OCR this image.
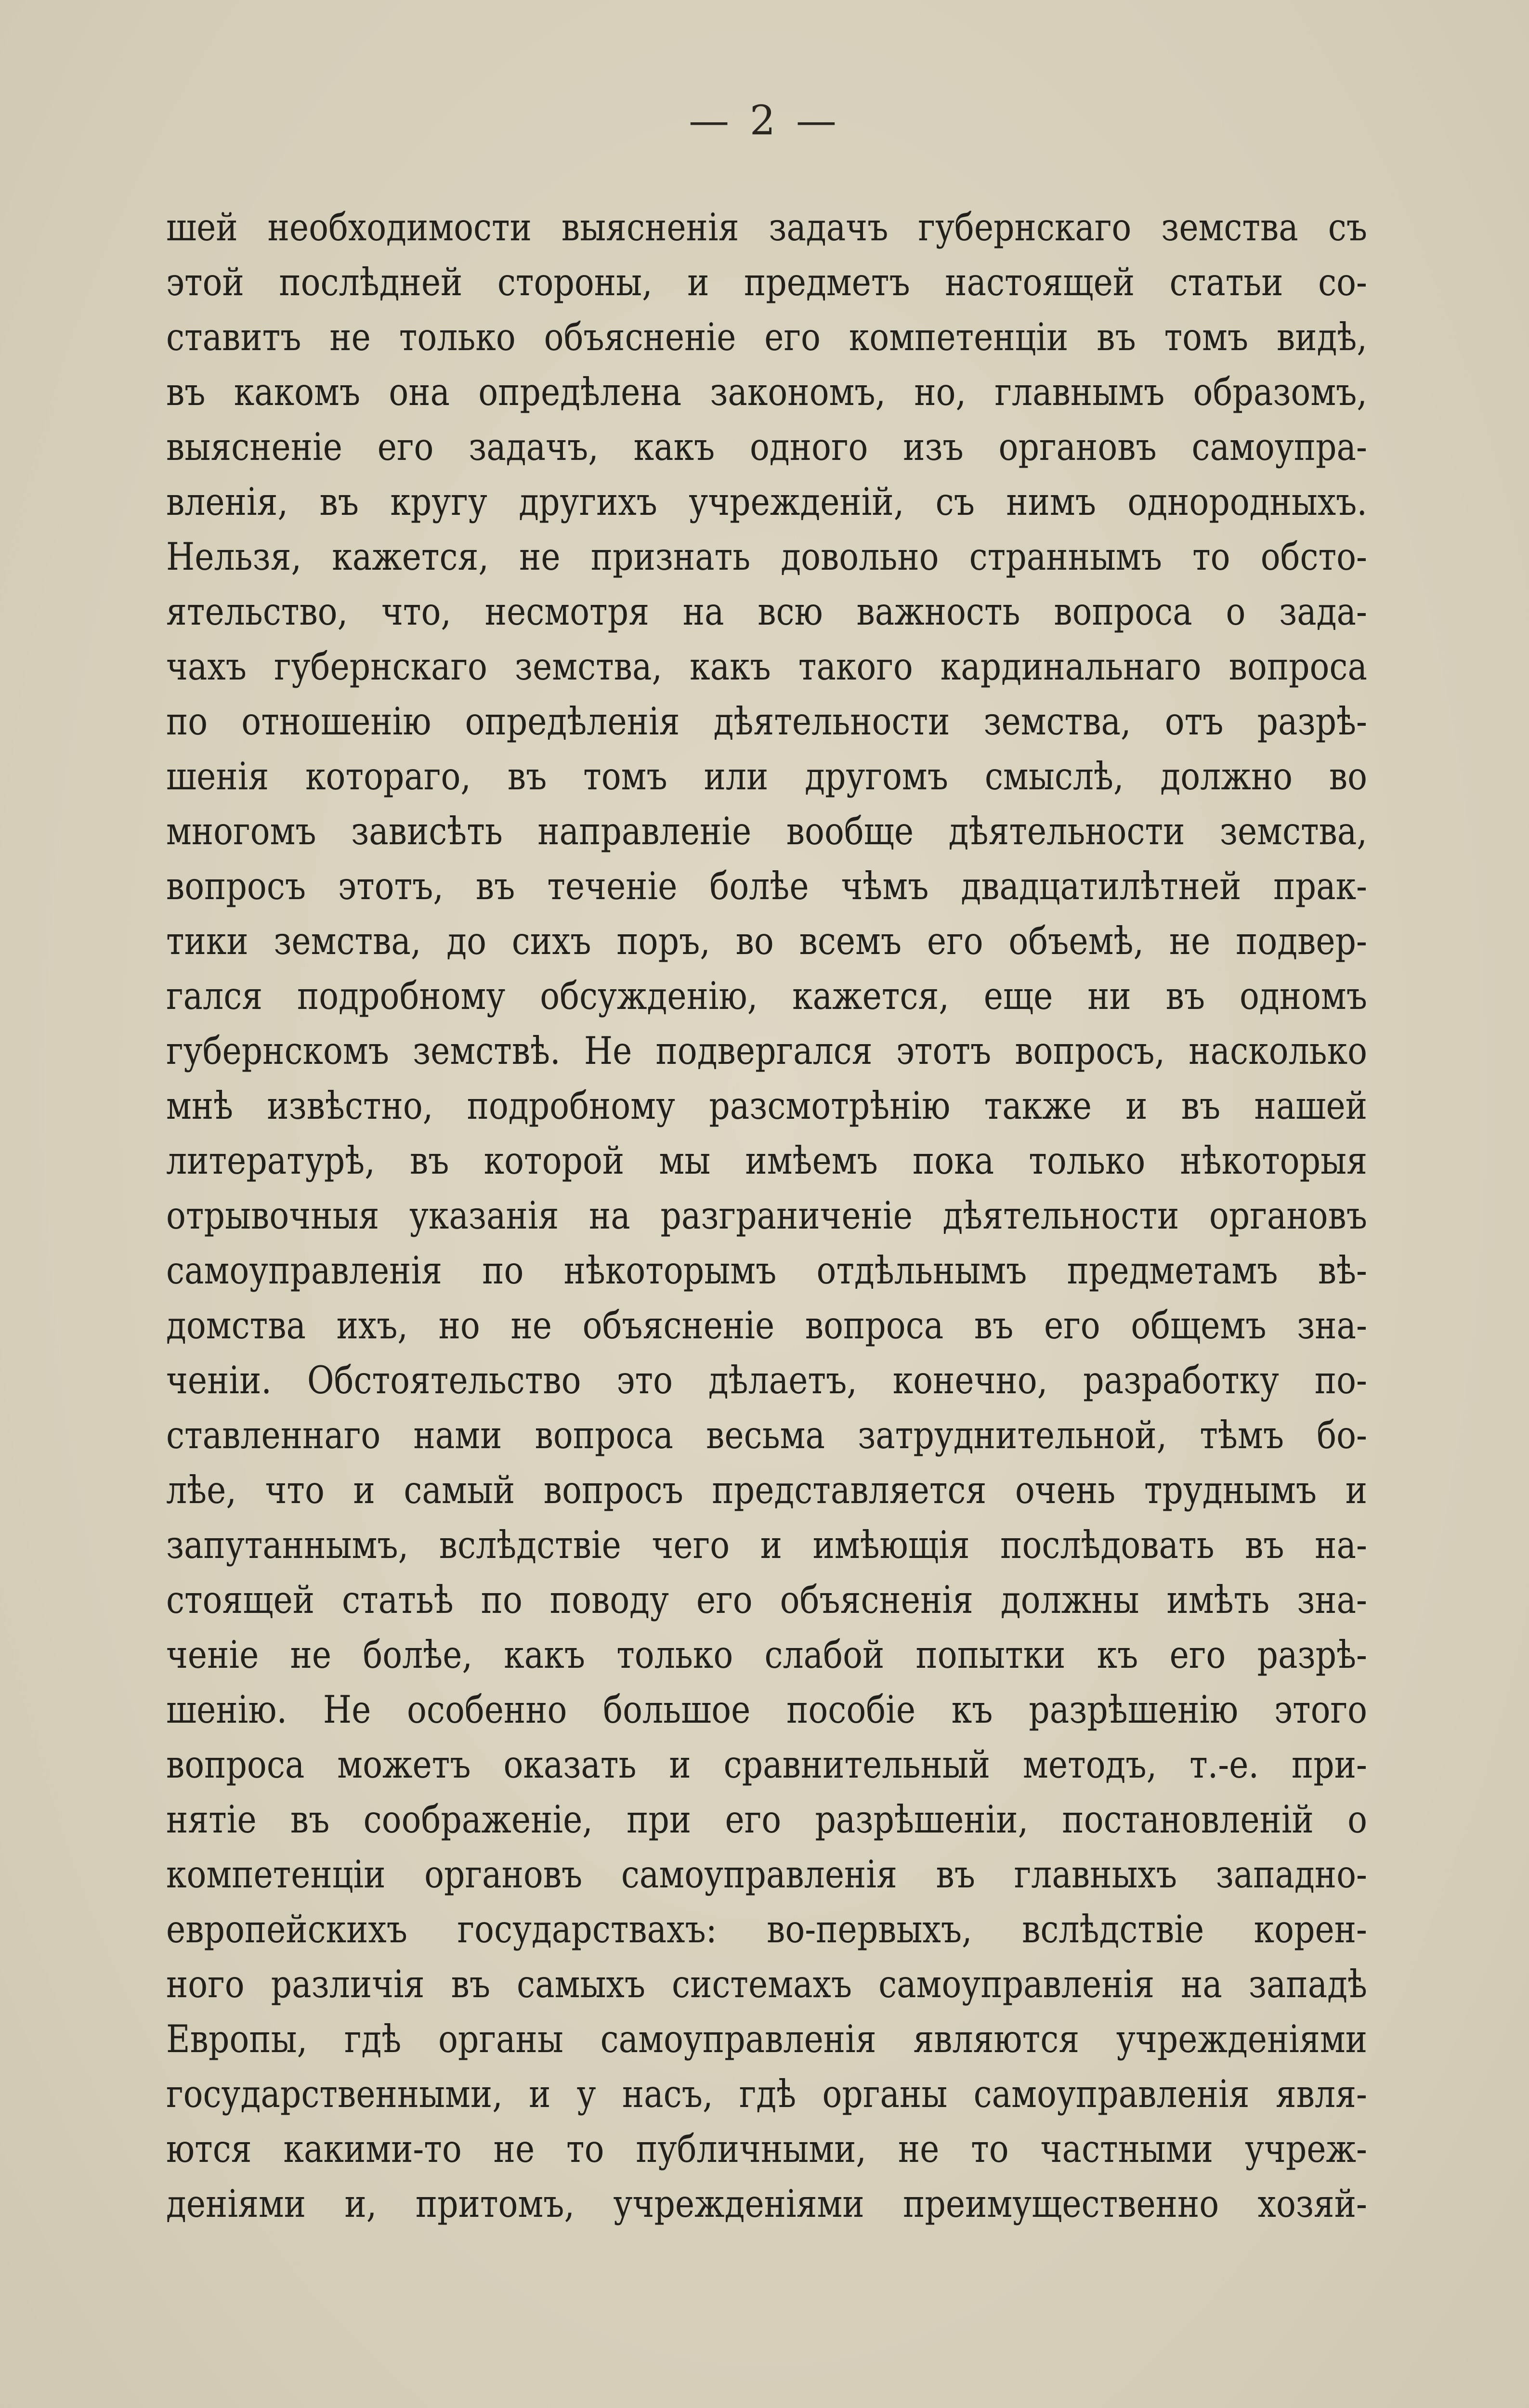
— 2 —
шей необходимости выясненія задачъ губернскаго земства съ
этой послѣдней стороны, и предметъ настоящей статьи со-
ставитъ не только объясненіе его компетенціи въ томъ видѣ,
въ какомъ она опредѣлена закономъ, но, главнымъ образомъ,
выясненіе его задачъ, какъ одного изъ органовъ самоупра-
вленія, въ кругу другихъ учрежденій, съ нимъ однородныхъ.
Нельзя, кажется, не признать довольно страннымъ то обсто-
ятельство, что, несмотря на всю важность вопроса о зада-
чахъ губернскаго земства, какъ такого кардинальнаго вопроса
по отношенію опредѣленія дѣятельности земства, отъ разрѣ-
шенія котораго, въ томъ или другомъ смыслѣ, должно во
многомъ зависѣть направленіе вообще дѣятельности земства,
вопросъ этотъ, въ теченіе болѣе чѣмъ двадцатилѣтней прак-
тики земства, до сихъ поръ, во всемъ его объемѣ, не подвер-
гался подробному обсужденію, кажется, еще ни въ одномъ
губернскомъ земствѣ. Не подвергался этотъ вопросъ, насколько
мнѣ извѣстно, подробному разсмотрѣнію также и въ нашей
литературѣ, въ которой мы имѣемъ пока только нѣкоторыя
отрывочныя указанія на разграниченіе дѣятельности органовъ
самоуправленія по нѣкоторымъ отдѣльнымъ предметамъ вѣ-
домства ихъ, но не объясненіе вопроса въ его общемъ зна-
ченіи. Обстоятельство это дѣлаетъ, конечно, разработку по-
ставленнаго нами вопроса весьма затруднительной, тѣмъ бо-
лѣе, что и самый вопросъ представляется очень труднымъ и
запутаннымъ, вслѣдствіе чего и имѣющія послѣдовать въ на-
стоящей статьѣ по поводу его объясненія должны имѣть зна-
ченіе не болѣе, какъ только слабой попытки къ его разрѣ-
шенію. Не особенно большое пособіе къ разрѣшенію этого
вопроса можетъ оказать и сравнительный методъ, т.-е. при-
нятіе въ соображеніе, при его разрѣшеніи, постановленій о
компетенціи органовъ самоуправленія въ главныхъ западно-
европейскихъ государствахъ: во-первыхъ, вслѣдствіе корен-
ного различія въ самыхъ системахъ самоуправленія на западѣ
Европы, гдѣ органы самоуправленія являются учрежденіями
государственными, и у насъ, гдѣ органы самоуправленія явля-
ются какими-то не то публичными, не то частными учреж-
деніями и, притомъ, учрежденіями преимущественно хозяй-
